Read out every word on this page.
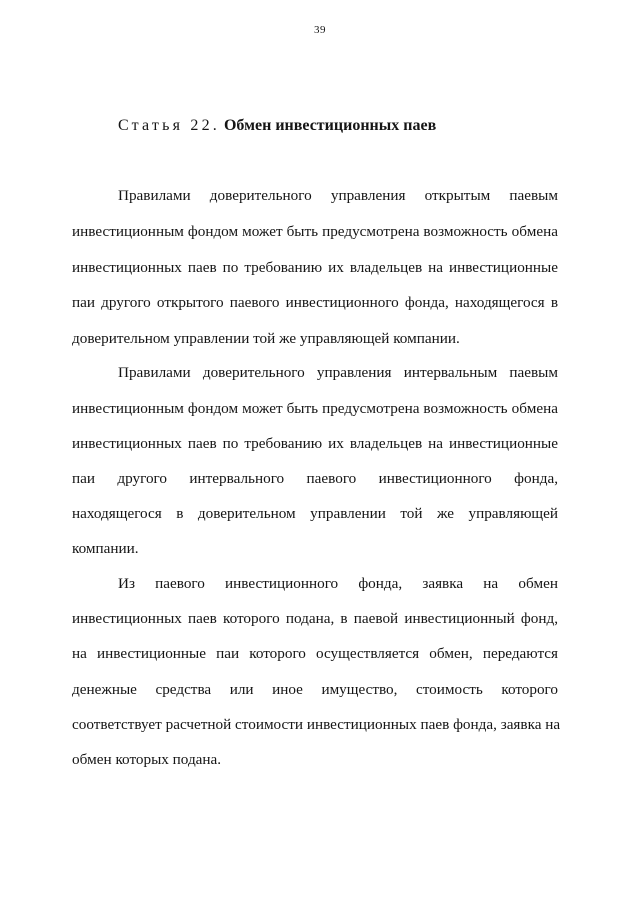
39
Статья 22. Обмен инвестиционных паев
Правилами доверительного управления открытым паевым
инвестиционным фондом может быть предусмотрена возможность обмена
инвестиционных паев по требованию их владельцев на инвестиционные
паи другого открытого паевого инвестиционного фонда, находящегося в
доверительном управлении той же управляющей компании.
Правилами доверительного управления интервальным паевым
инвестиционным фондом может быть предусмотрена возможность обмена
инвестиционных паев по требованию их владельцев на инвестиционные
паи другого интервального паевого инвестиционного фонда,
находящегося в доверительном управлении той же управляющей
компании.
Из паевого инвестиционного фонда, заявка на обмен
инвестиционных паев которого подана, в паевой инвестиционный фонд,
на инвестиционные паи которого осуществляется обмен, передаются
денежные средства или иное имущество, стоимость которого
соответствует расчетной стоимости инвестиционных паев фонда, заявка на
обмен которых подана.
